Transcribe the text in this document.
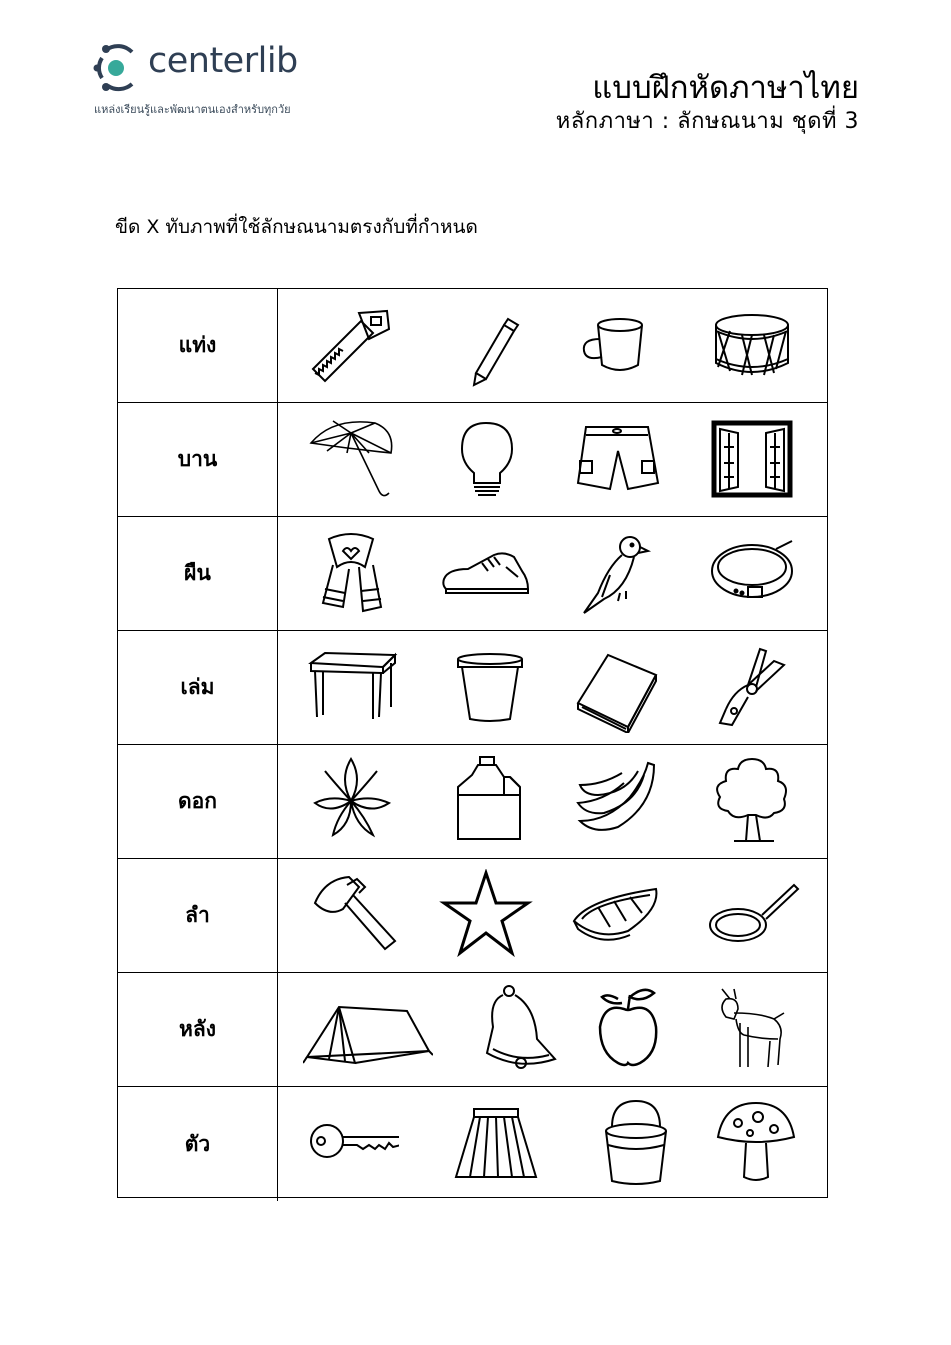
centerlib
แหล่งเรียนรู้และพัฒนาตนเองสำหรับทุกวัย
แบบฝึกหัดภาษาไทย
หลักภาษา : ลักษณนาม ชุดที่ 3
ขีด X ทับภาพที่ใช้ลักษณนามตรงกับที่กำหนด
แท่ง
บาน
ผืน
เล่ม
ดอก
ลำ
หลัง
ตัว
